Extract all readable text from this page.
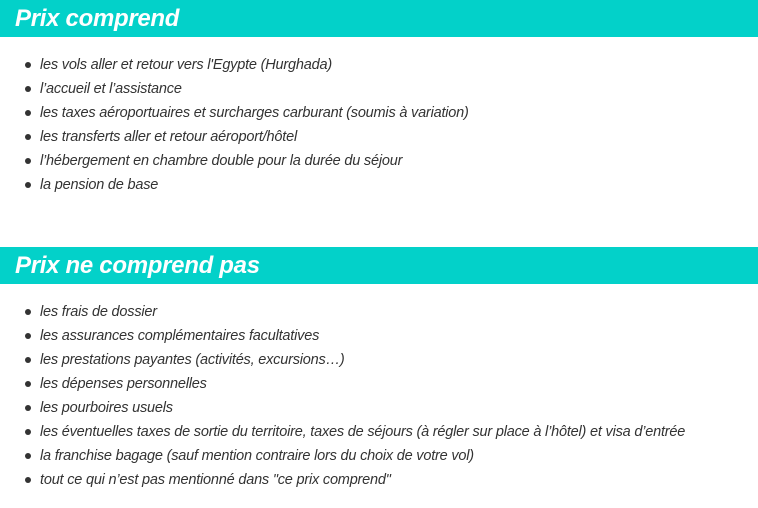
Prix comprend
les vols aller et retour vers l'Egypte (Hurghada)
l’accueil et l’assistance
les taxes aéroportuaires et surcharges carburant (soumis à variation)
les transferts aller et retour aéroport/hôtel
l’hébergement en chambre double pour la durée du séjour
la pension de base
Prix ne comprend pas
les frais de dossier
les assurances complémentaires facultatives
les prestations payantes (activités, excursions…)
les dépenses personnelles
les pourboires usuels
les éventuelles taxes de sortie du territoire, taxes de séjours (à régler sur place à l’hôtel) et visa d’entrée
la franchise bagage (sauf mention contraire lors du choix de votre vol)
tout ce qui n’est pas mentionné dans "ce prix comprend"
